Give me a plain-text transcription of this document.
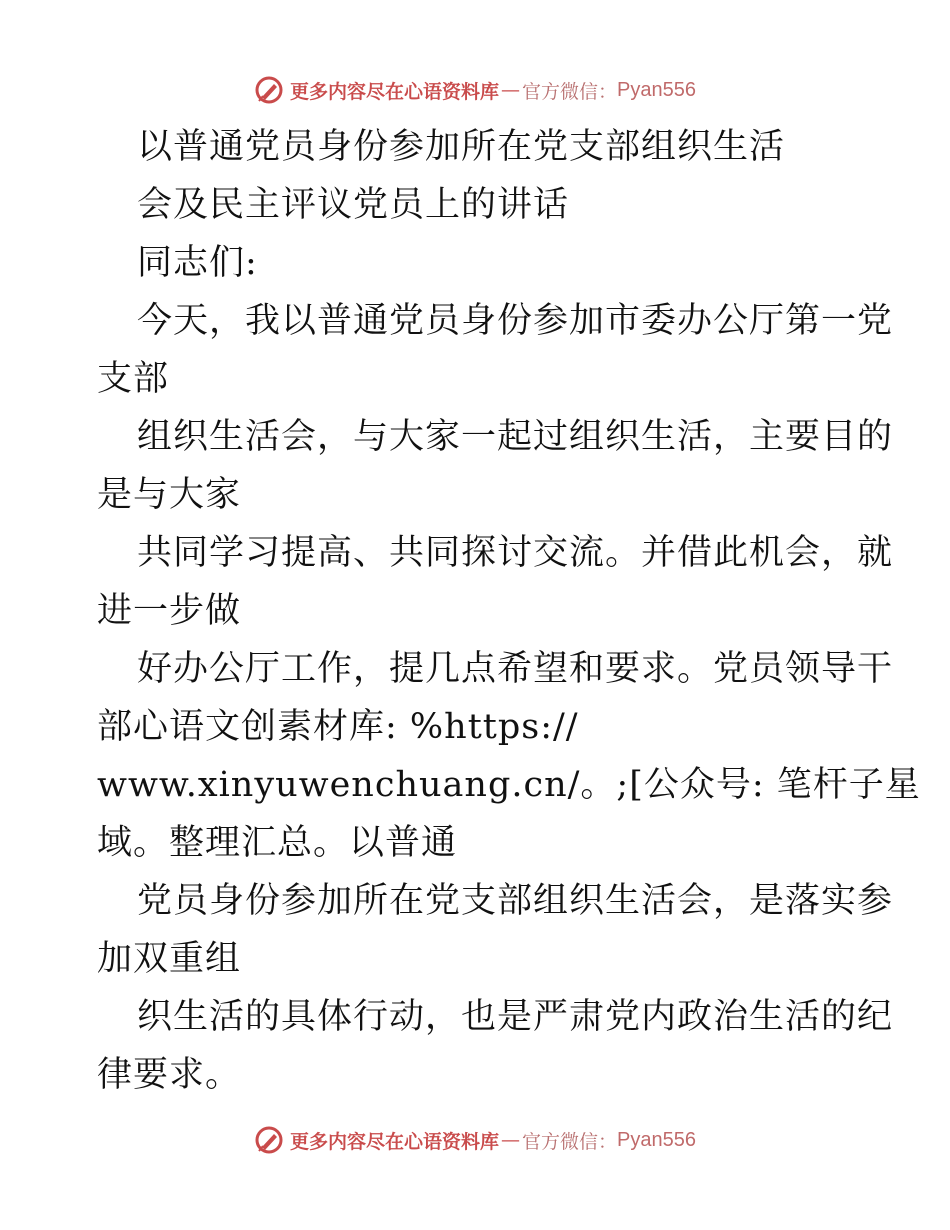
更多内容尽在心语资料库 — 官方微信： Pyan556
以普通党员身份参加所在党支部组织生活
会及民主评议党员上的讲话
同志们:
今天，我以普通党员身份参加市委办公厅第一党
支部
组织生活会，与大家一起过组织生活，主要目的
是与大家
共同学习提高、共同探讨交流。并借此机会，就
进一步做
好办公厅工作，提几点希望和要求。党员领导干
部心语文创素材库: %https://
www.xinyuwenchuang.cn/。;[公众号: 笔杆子星
域。整理汇总。以普通
党员身份参加所在党支部组织生活会，是落实参
加双重组
织生活的具体行动，也是严肃党内政治生活的纪
律要求。
更多内容尽在心语资料库 — 官方微信： Pyan556
